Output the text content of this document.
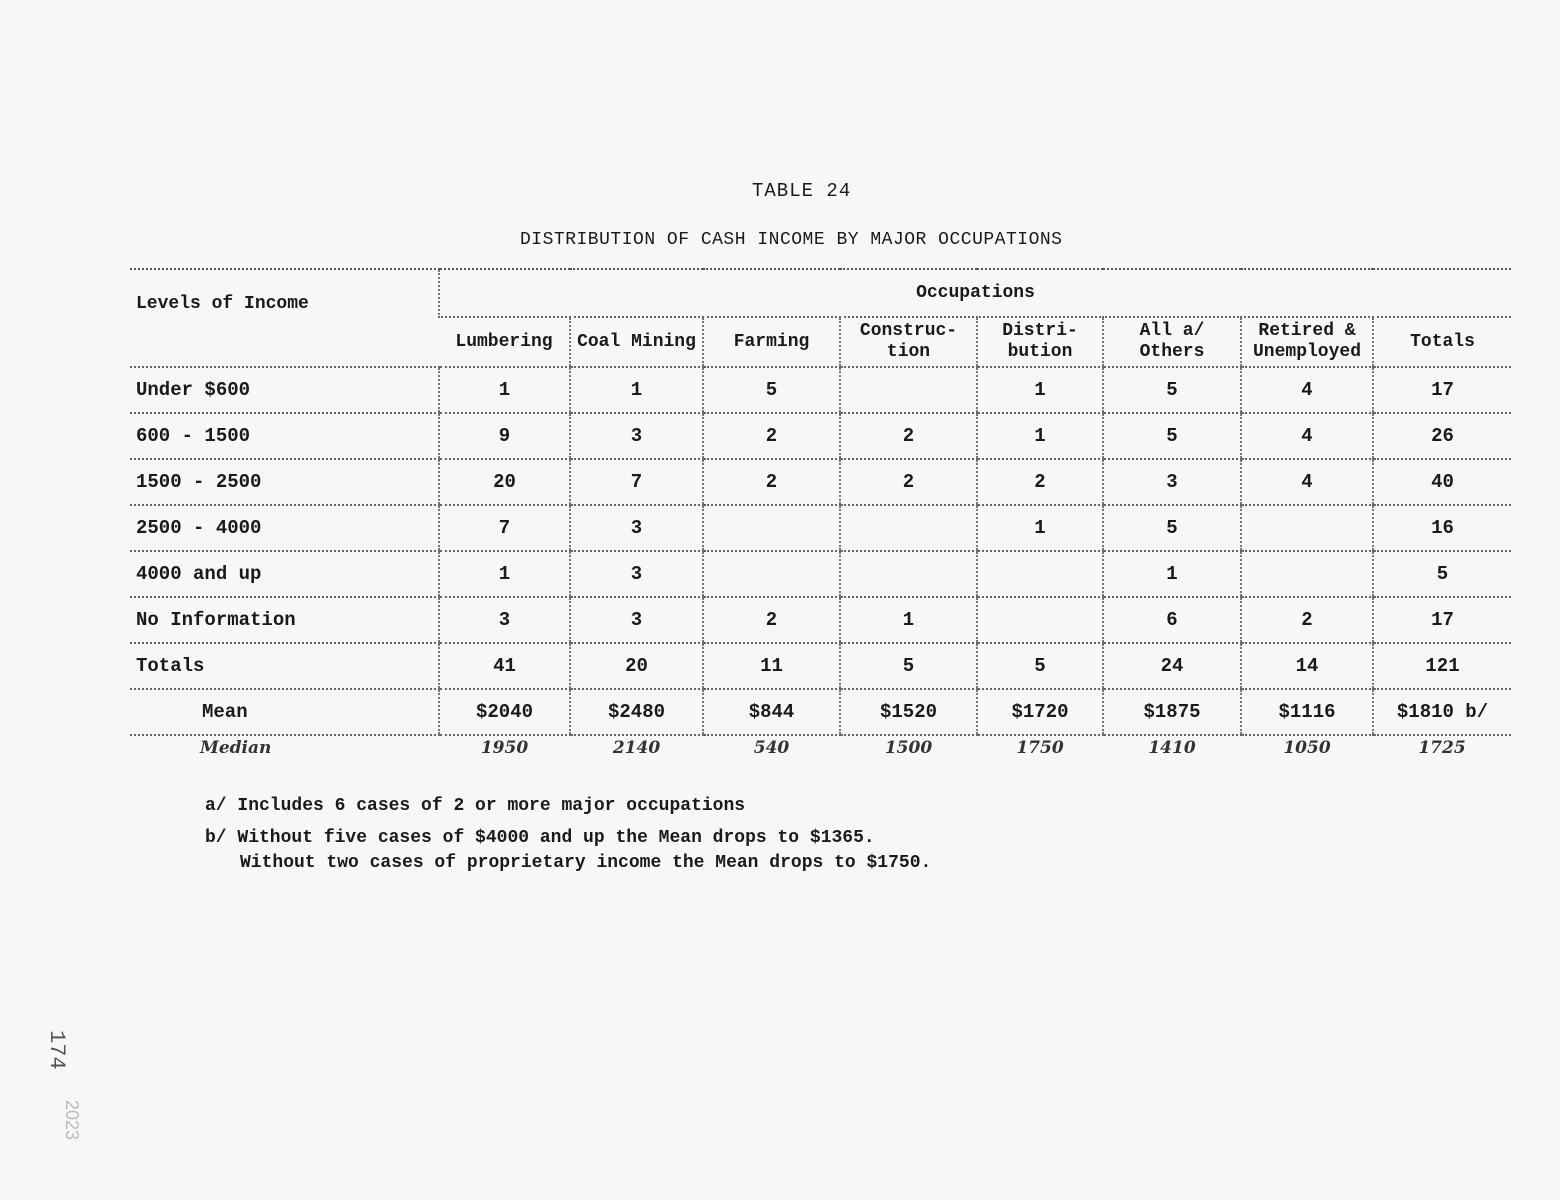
TABLE 24
DISTRIBUTION OF CASH INCOME BY MAJOR OCCUPATIONS
Levels of Income	Occupations							
	Lumbering	Coal Mining	Farming	Construc- tion	Distri- bution	All a/ Others	Retired & Unemployed	Totals
Under $600	1	1	5		1	5	4	17
600 - 1500	9	3	2	2	1	5	4	26
1500 - 2500	20	7	2	2	2	3	4	40
2500 - 4000	7	3			1	5		16
4000 and up	1	3				1		5
No Information	3	3	2	1		6	2	17
Totals	41	20	11	5	5	24	14	121
Mean	$2040	$2480	$844	$1520	$1720	$1875	$1116	$1810 b/
Median	1950	2140	540	1500	1750	1410	1050	1725
a/ Includes 6 cases of 2 or more major occupations
b/ Without five cases of $4000 and up the Mean drops to $1365.
Without two cases of proprietary income the Mean drops to $1750.
174
2023
